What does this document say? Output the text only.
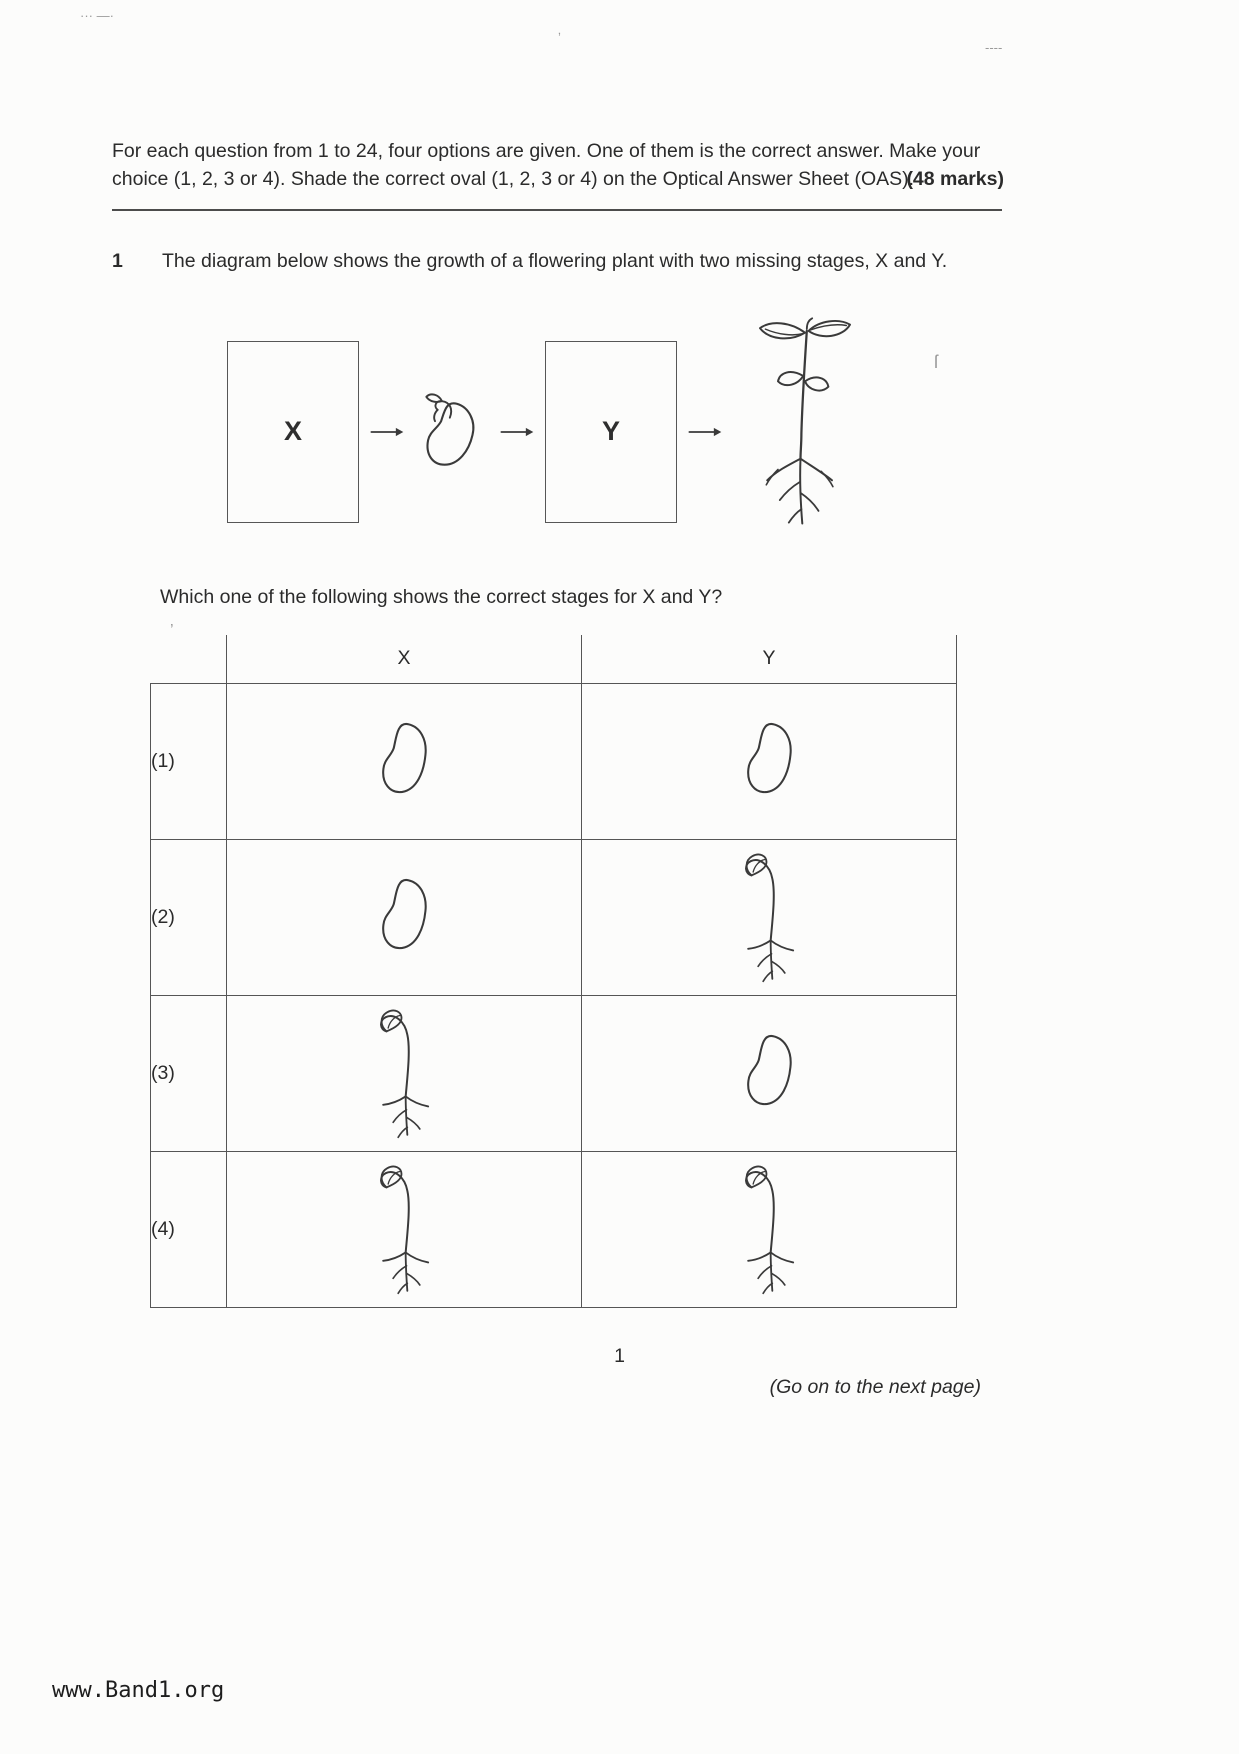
··· —·
‚
----
ſ
’
For each question from 1 to 24, four options are given. One of them is the correct answer. Make your choice (1, 2, 3 or 4). Shade the correct oval (1, 2, 3 or 4) on the Optical Answer Sheet (OAS).
(48 marks)
1	The diagram below shows the growth of a flowering plant with two missing stages, X and Y.
X	Y
Which one of the following shows the correct stages for X and Y?
	X	Y
(1)		
(2)		
(3)		
(4)		
1
(Go on to the next page)
www.Band1.org
